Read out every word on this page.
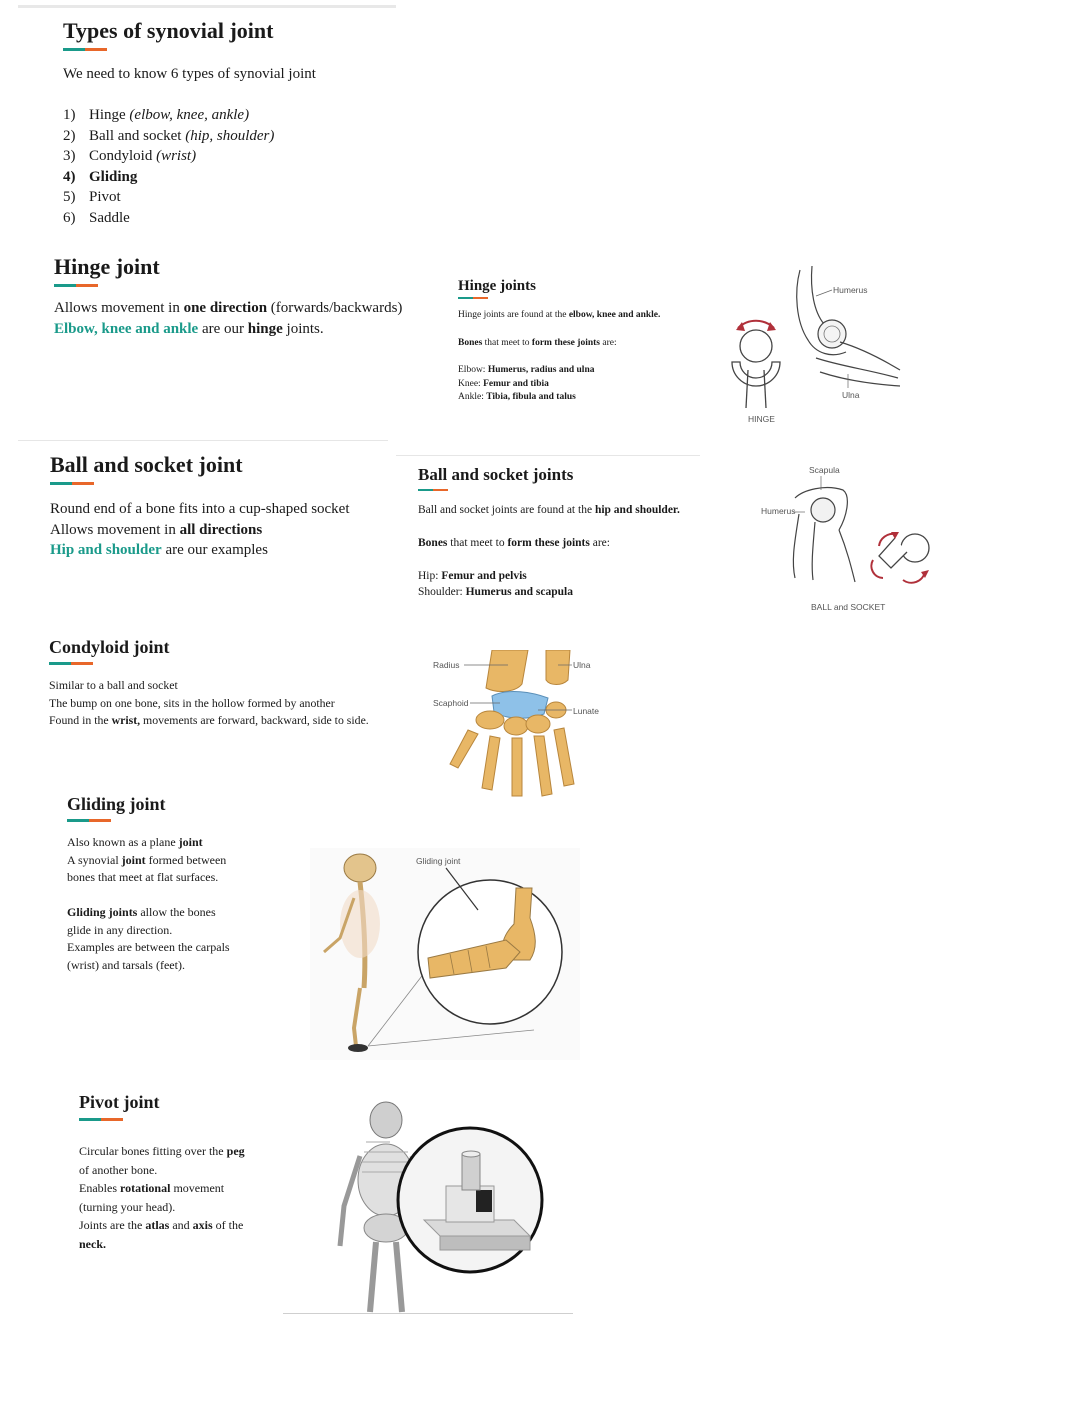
Types of synovial joint
We need to know 6 types of synovial joint
1) Hinge (elbow, knee, ankle)
2) Ball and socket (hip, shoulder)
3) Condyloid (wrist)
4) Gliding
5) Pivot
6) Saddle
Hinge joint
Allows movement in one direction (forwards/backwards)
Elbow, knee and ankle are our hinge joints.
Hinge joints
Hinge joints are found at the elbow, knee and ankle.
Bones that meet to form these joints are:
Elbow: Humerus, radius and ulna
Knee: Femur and tibia
Ankle: Tibia, fibula and talus
Humerus
Ulna
HINGE
Ball and socket joint
Round end of a bone fits into a cup-shaped socket
Allows movement in all directions
Hip and shoulder are our examples
Ball and socket joints
Ball and socket joints are found at the hip and shoulder.
Bones that meet to form these joints are:
Hip: Femur and pelvis
Shoulder: Humerus and scapula
Scapula
Humerus
BALL and SOCKET
Condyloid joint
Similar to a ball and socket
The bump on one bone, sits in the hollow formed by another
Found in the wrist, movements are forward, backward, side to side.
Radius	Ulna
Scaphoid
Lunate
Gliding joint
Also known as a plane joint
A synovial joint formed between
bones that meet at flat surfaces.
Gliding joints allow the bones
glide in any direction.
Examples are between the carpals
(wrist) and tarsals (feet).
Gliding joint
Pivot joint
Circular bones fitting over the peg
of another bone.
Enables rotational movement
(turning your head).
Joints are the atlas and axis of the
neck.
